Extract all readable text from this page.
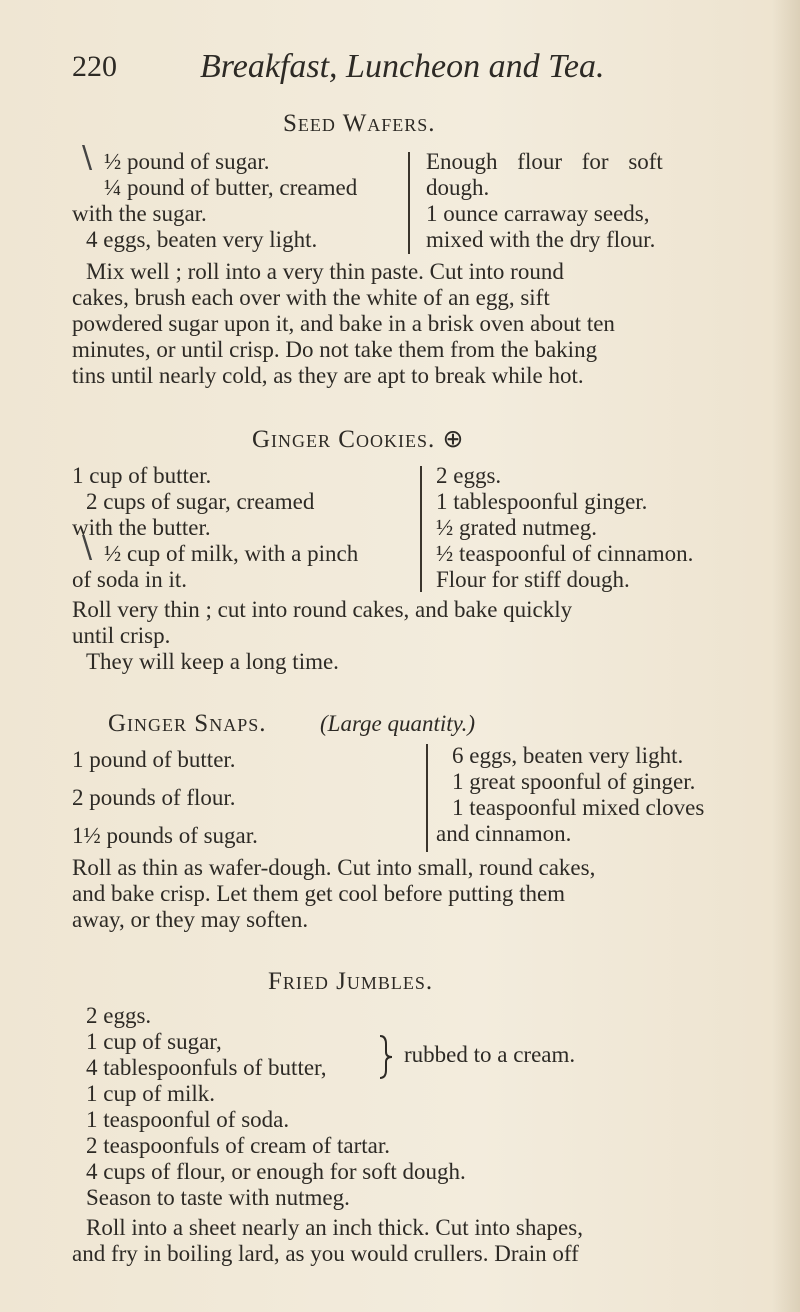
220 Breakfast, Luncheon and Tea.
Seed Wafers.
\ ½ pound of sugar.
¼ pound of butter, creamed
with the sugar.
4 eggs, beaten very light.
Enough flour for soft
dough.
1 ounce carraway seeds,
mixed with the dry flour.
Mix well ; roll into a very thin paste. Cut into round
cakes, brush each over with the white of an egg, sift
powdered sugar upon it, and bake in a brisk oven about ten
minutes, or until crisp. Do not take them from the baking
tins until nearly cold, as they are apt to break while hot.
Ginger Cookies. ⊕
1 cup of butter.
2 cups of sugar, creamed
with the butter.
\ ½ cup of milk, with a pinch
of soda in it.
2 eggs.
1 tablespoonful ginger.
½ grated nutmeg.
½ teaspoonful of cinnamon.
Flour for stiff dough.
Roll very thin ; cut into round cakes, and bake quickly
until crisp.
They will keep a long time.
Ginger Snaps. (Large quantity.)
1 pound of butter.
2 pounds of flour.
1½ pounds of sugar.
6 eggs, beaten very light.
1 great spoonful of ginger.
1 teaspoonful mixed cloves
and cinnamon.
Roll as thin as wafer-dough. Cut into small, round cakes,
and bake crisp. Let them get cool before putting them
away, or they may soften.
Fried Jumbles.
2 eggs.
1 cup of sugar,
4 tablespoonfuls of butter,
1 cup of milk.
1 teaspoonful of soda.
2 teaspoonfuls of cream of tartar.
4 cups of flour, or enough for soft dough.
Season to taste with nutmeg.
rubbed to a cream.
Roll into a sheet nearly an inch thick. Cut into shapes,
and fry in boiling lard, as you would crullers. Drain off
